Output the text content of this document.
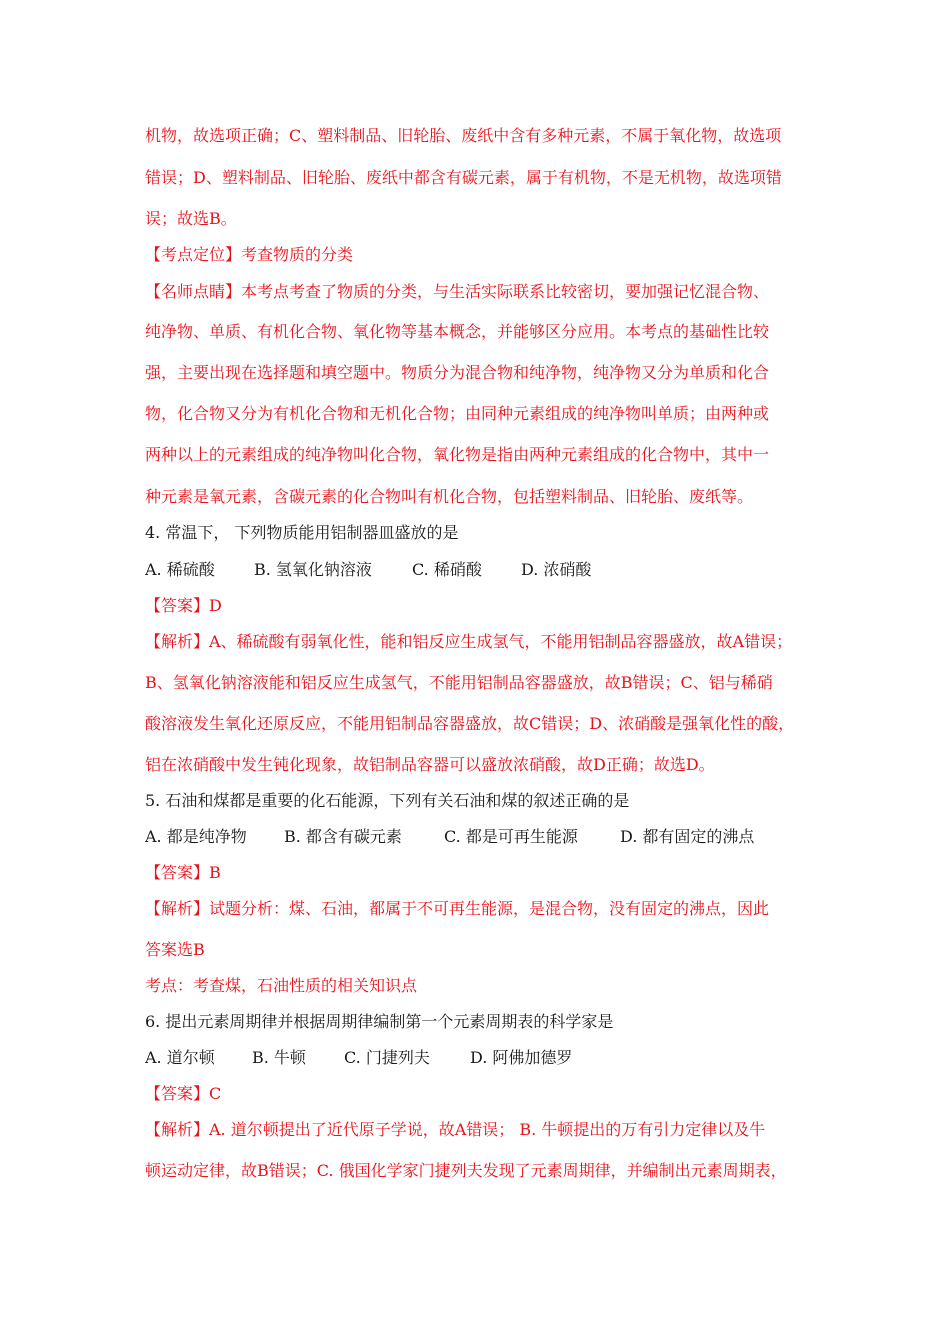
机物，故选项正确；C、塑料制品、旧轮胎、废纸中含有多种元素，不属于氧化物，故选项
错误；D、塑料制品、旧轮胎、废纸中都含有碳元素，属于有机物，不是无机物，故选项错
误；故选B。
【考点定位】考查物质的分类
【名师点睛】本考点考查了物质的分类，与生活实际联系比较密切，要加强记忆混合物、
纯净物、单质、有机化合物、氧化物等基本概念，并能够区分应用。本考点的基础性比较
强，主要出现在选择题和填空题中。物质分为混合物和纯净物，纯净物又分为单质和化合
物，化合物又分为有机化合物和无机化合物；由同种元素组成的纯净物叫单质；由两种或
两种以上的元素组成的纯净物叫化合物，氧化物是指由两种元素组成的化合物中，其中一
种元素是氧元素，含碳元素的化合物叫有机化合物，包括塑料制品、旧轮胎、废纸等。
4. 常温下， 下列物质能用铝制器皿盛放的是
A. 稀硫酸 B. 氢氧化钠溶液	C. 稀硝酸 D. 浓硝酸
【答案】D
【解析】A、稀硫酸有弱氧化性，能和铝反应生成氢气，不能用铝制品容器盛放，故A错误；
B、氢氧化钠溶液能和铝反应生成氢气，不能用铝制品容器盛放，故B错误；C、铝与稀硝
酸溶液发生氧化还原反应，不能用铝制品容器盛放，故C错误；D、浓硝酸是强氧化性的酸，
铝在浓硝酸中发生钝化现象，故铝制品容器可以盛放浓硝酸，故D正确；故选D。
5. 石油和煤都是重要的化石能源，下列有关石油和煤的叙述正确的是
A. 都是纯净物 B. 都含有碳元素	C. 都是可再生能源	D. 都有固定的沸点
【答案】B
【解析】试题分析：煤、石油，都属于不可再生能源，是混合物，没有固定的沸点，因此
答案选B
考点：考查煤，石油性质的相关知识点
6. 提出元素周期律并根据周期律编制第一个元素周期表的科学家是
A. 道尔顿 B. 牛顿 C. 门捷列夫	D. 阿佛加德罗
【答案】C
【解析】A. 道尔顿提出了近代原子学说，故A错误； B. 牛顿提出的万有引力定律以及牛
顿运动定律，故B错误；C. 俄国化学家门捷列夫发现了元素周期律，并编制出元素周期表，
